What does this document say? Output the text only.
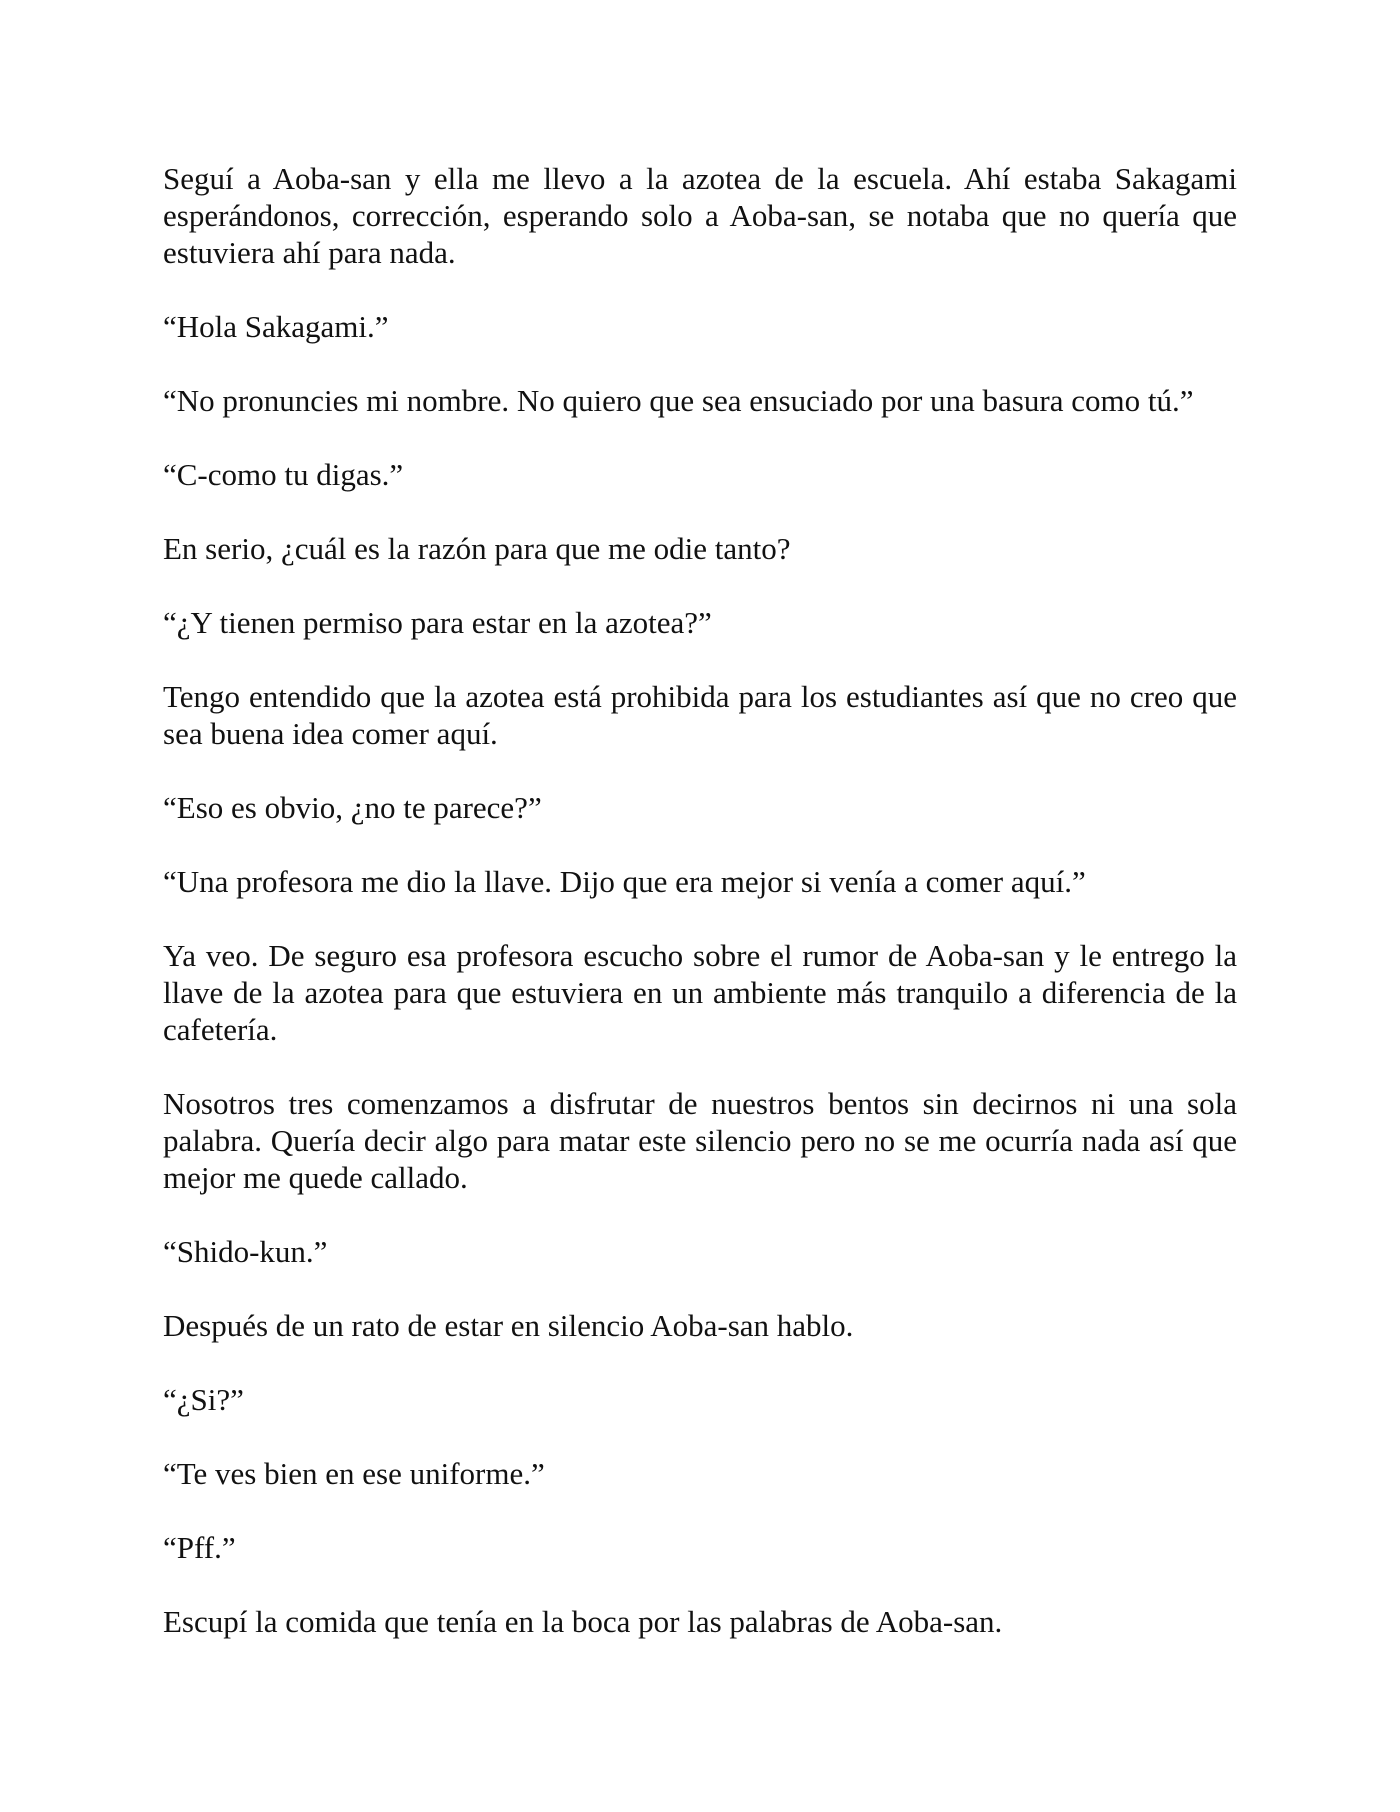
Seguí a Aoba-san y ella me llevo a la azotea de la escuela. Ahí estaba Sakagami esperándonos, corrección, esperando solo a Aoba-san, se notaba que no quería que estuviera ahí para nada.

“Hola Sakagami.”

“No pronuncies mi nombre. No quiero que sea ensuciado por una basura como tú.”

“C-como tu digas.”

En serio, ¿cuál es la razón para que me odie tanto?

“¿Y tienen permiso para estar en la azotea?”

Tengo entendido que la azotea está prohibida para los estudiantes así que no creo que sea buena idea comer aquí.

“Eso es obvio, ¿no te parece?”

“Una profesora me dio la llave. Dijo que era mejor si venía a comer aquí.”

Ya veo. De seguro esa profesora escucho sobre el rumor de Aoba-san y le entrego la llave de la azotea para que estuviera en un ambiente más tranquilo a diferencia de la cafetería.

Nosotros tres comenzamos a disfrutar de nuestros bentos sin decirnos ni una sola palabra. Quería decir algo para matar este silencio pero no se me ocurría nada así que mejor me quede callado.

“Shido-kun.”

Después de un rato de estar en silencio Aoba-san hablo.

“¿Si?”

“Te ves bien en ese uniforme.”

“Pff.”

Escupí la comida que tenía en la boca por las palabras de Aoba-san.
